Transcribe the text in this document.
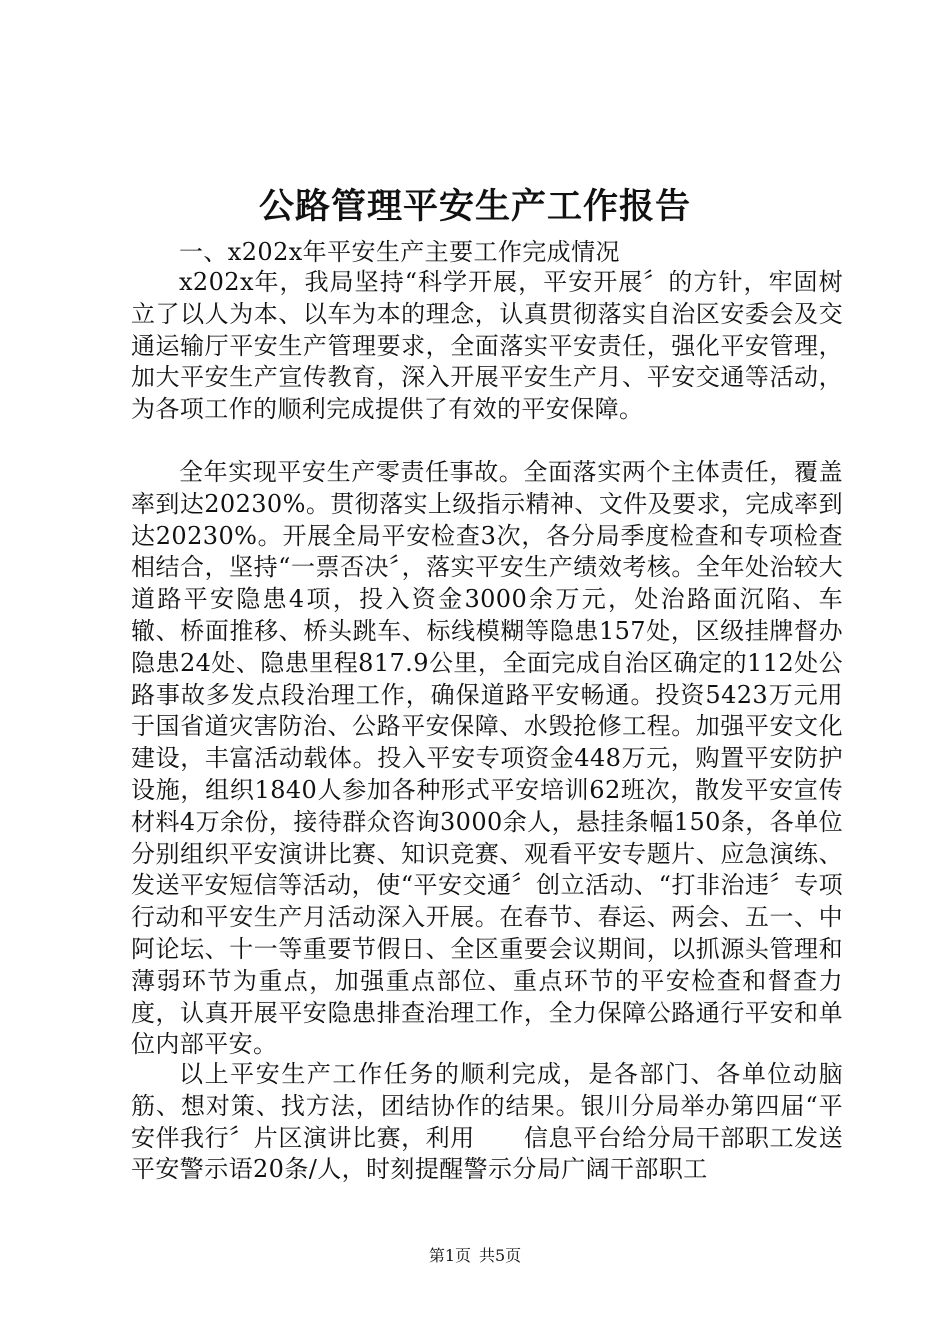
公路管理平安生产工作报告

一、x202x年平安生产主要工作完成情况

x202x年，我局坚持“科学开展，平安开展〞的方针，牢固树立了以人为本、以车为本的理念，认真贯彻落实自治区安委会及交通运输厅平安生产管理要求，全面落实平安责任，强化平安管理，加大平安生产宣传教育，深入开展平安生产月、平安交通等活动，为各项工作的顺利完成提供了有效的平安保障。

全年实现平安生产零责任事故。全面落实两个主体责任，覆盖率到达20230%。贯彻落实上级指示精神、文件及要求，完成率到达20230%。开展全局平安检查3次，各分局季度检查和专项检查相结合，坚持“一票否决〞，落实平安生产绩效考核。全年处治较大道路平安隐患4项，投入资金3000余万元，处治路面沉陷、车辙、桥面推移、桥头跳车、标线模糊等隐患157处，区级挂牌督办隐患24处、隐患里程817.9公里，全面完成自治区确定的112处公路事故多发点段治理工作，确保道路平安畅通。投资5423万元用于国省道灾害防治、公路平安保障、水毁抢修工程。加强平安文化建设，丰富活动载体。投入平安专项资金448万元，购置平安防护设施，组织1840人参加各种形式平安培训62班次，散发平安宣传材料4万余份，接待群众咨询3000余人，悬挂条幅150条，各单位分别组织平安演讲比赛、知识竞赛、观看平安专题片、应急演练、发送平安短信等活动，使“平安交通〞创立活动、“打非治违〞专项行动和平安生产月活动深入开展。在春节、春运、两会、五一、中阿论坛、十一等重要节假日、全区重要会议期间，以抓源头管理和薄弱环节为重点，加强重点部位、重点环节的平安检查和督查力度，认真开展平安隐患排查治理工作，全力保障公路通行平安和单位内部平安。

以上平安生产工作任务的顺利完成，是各部门、各单位动脑筋、想对策、找方法，团结协作的结果。银川分局举办第四届“平安伴我行〞片区演讲比赛，利用　　信息平台给分局干部职工发送平安警示语20条/人，时刻提醒警示分局广阔干部职工

第1页 共5页
